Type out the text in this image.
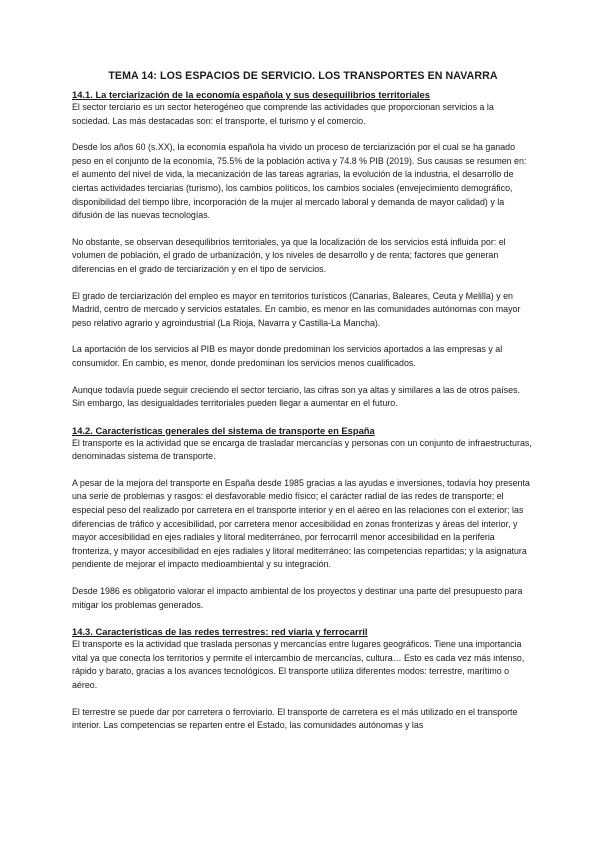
TEMA 14: LOS ESPACIOS DE SERVICIO. LOS TRANSPORTES EN NAVARRA
14.1. La terciarización de la economía española y sus desequilibrios territoriales

El sector terciario es un sector heterogéneo que comprende las actividades que proporcionan servicios a la sociedad. Las más destacadas son: el transporte, el turismo y el comercio.

Desde los años 60 (s.XX), la economía española ha vivido un proceso de terciarización por el cual se ha ganado peso en el conjunto de la economía, 75.5% de la población activa y 74.8 % PIB (2019). Sus causas se resumen en: el aumento del nivel de vida, la mecanización de las tareas agrarias, la evolución de la industria, el desarrollo de ciertas actividades terciarias (turismo), los cambios políticos, los cambios sociales (envejecimiento demográfico, disponibilidad del tiempo libre, incorporación de la mujer al mercado laboral y demanda de mayor calidad) y la difusión de las nuevas tecnologías.

No obstante, se observan desequilibrios territoriales, ya que la localización de los servicios está influida por: el volumen de población, el grado de urbanización, y los niveles de desarrollo y de renta; factores que generan diferencias en el grado de terciarización y en el tipo de servicios.

El grado de terciarización del empleo es mayor en territorios turísticos (Canarias, Baleares, Ceuta y Melilla) y en Madrid, centro de mercado y servicios estatales. En cambio, es menor en las comunidades autónomas con mayor peso relativo agrario y agroindustrial (La Rioja, Navarra y Castilla-La Mancha).

La aportación de los servicios al PIB es mayor donde predominan los servicios aportados a las empresas y al consumidor. En cambio, es menor, donde predominan los servicios menos cualificados.

Aunque todavía puede seguir creciendo el sector terciario, las cifras son ya altas y similares a las de otros países. Sin embargo, las desigualdades territoriales pueden llegar a aumentar en el futuro.

14.2. Características generales del sistema de transporte en España

El transporte es la actividad que se encarga de trasladar mercancías y personas con un conjunto de infraestructuras, denominadas sistema de transporte.

A pesar de la mejora del transporte en España desde 1985 gracias a las ayudas e inversiones, todavía hoy presenta una serie de problemas y rasgos: el desfavorable medio físico; el carácter radial de las redes de transporte; el especial peso del realizado por carretera en el transporte interior y en el aéreo en las relaciones con el exterior; las diferencias de tráfico y accesibilidad, por carretera menor accesibilidad en zonas fronterizas y áreas del interior, y mayor accesibilidad en ejes radiales y litoral mediterráneo, por ferrocarril menor accesibilidad en la periferia fronteriza, y mayor accesibilidad en ejes radiales y litoral mediterráneo; las competencias repartidas; y la asignatura pendiente de mejorar el impacto medioambiental y su integración.

Desde 1986 es obligatorio valorar el impacto ambiental de los proyectos y destinar una parte del presupuesto para mitigar los problemas generados.

14.3. Características de las redes terrestres: red viaria y ferrocarril

El transporte es la actividad que traslada personas y mercancías entre lugares geográficos. Tiene una importancia vital ya que conecta los territorios y permite el intercambio de mercancías, cultura… Esto es cada vez más intenso, rápido y barato, gracias a los avances tecnológicos. El transporte utiliza diferentes modos: terrestre, marítimo o aéreo.

El terrestre se puede dar por carretera o ferroviario. El transporte de carretera es el más utilizado en el transporte interior. Las competencias se reparten entre el Estado, las comunidades autónomas y las
